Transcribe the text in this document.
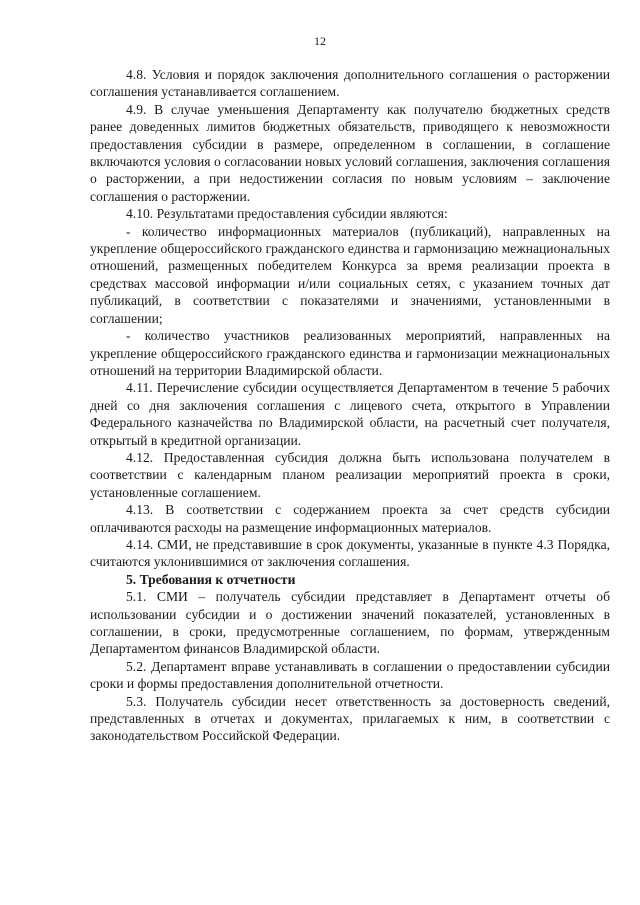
12

4.8. Условия и порядок заключения дополнительного соглашения о расторжении соглашения устанавливается соглашением.

4.9. В случае уменьшения Департаменту как получателю бюджетных средств ранее доведенных лимитов бюджетных обязательств, приводящего к невозможности предоставления субсидии в размере, определенном в соглашении, в соглашение включаются условия о согласовании новых условий соглашения, заключения соглашения о расторжении, а при недостижении согласия по новым условиям – заключение соглашения о расторжении.

4.10. Результатами предоставления субсидии являются:

- количество информационных материалов (публикаций), направленных на укрепление общероссийского гражданского единства и гармонизацию межнациональных отношений, размещенных победителем Конкурса за время реализации проекта в средствах массовой информации и/или социальных сетях, с указанием точных дат публикаций, в соответствии с показателями и значениями, установленными в соглашении;

- количество участников реализованных мероприятий, направленных на укрепление общероссийского гражданского единства и гармонизации межнациональных отношений на территории Владимирской области.

4.11. Перечисление субсидии осуществляется Департаментом в течение 5 рабочих дней со дня заключения соглашения с лицевого счета, открытого в Управлении Федерального казначейства по Владимирской области, на расчетный счет получателя, открытый в кредитной организации.

4.12. Предоставленная субсидия должна быть использована получателем в соответствии с календарным планом реализации мероприятий проекта в сроки, установленные соглашением.

4.13. В соответствии с содержанием проекта за счет средств субсидии оплачиваются расходы на размещение информационных материалов.

4.14. СМИ, не представившие в срок документы, указанные в пункте 4.3 Порядка, считаются уклонившимися от заключения соглашения.

5. Требования к отчетности

5.1. СМИ – получатель субсидии представляет в Департамент отчеты об использовании субсидии и о достижении значений показателей, установленных в соглашении, в сроки, предусмотренные соглашением, по формам, утвержденным Департаментом финансов Владимирской области.

5.2. Департамент вправе устанавливать в соглашении о предоставлении субсидии сроки и формы предоставления дополнительной отчетности.

5.3. Получатель субсидии несет ответственность за достоверность сведений, представленных в отчетах и документах, прилагаемых к ним, в соответствии с законодательством Российской Федерации.
